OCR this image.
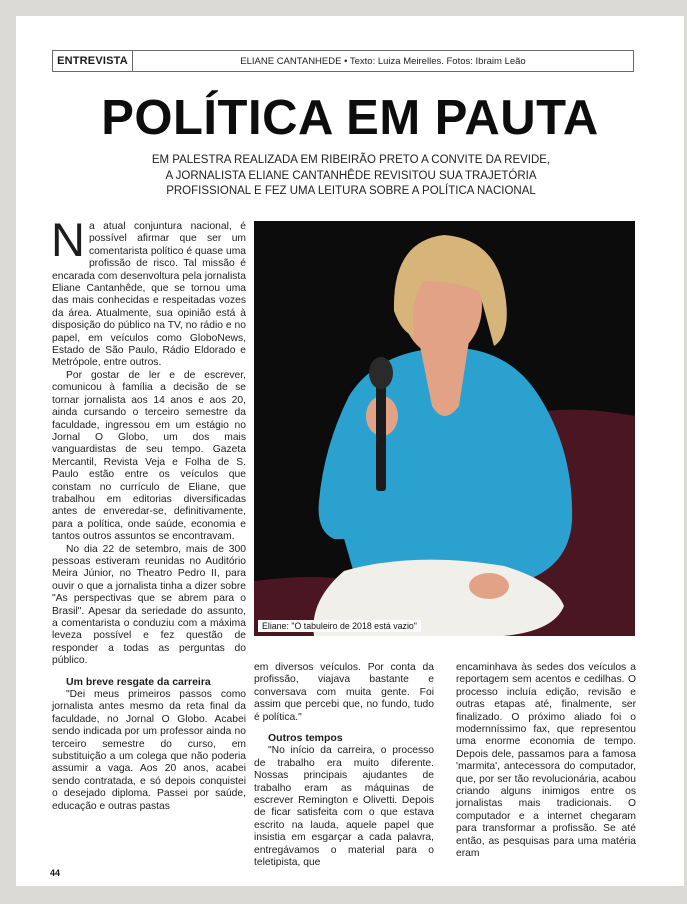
ENTREVISTA	ELIANE CANTANHEDE • Texto: Luiza Meirelles. Fotos: Ibraim Leão
POLÍTICA EM PAUTA
EM PALESTRA REALIZADA EM RIBEIRÃO PRETO A CONVITE DA REVIDE,
A JORNALISTA ELIANE CANTANHÊDE REVISITOU SUA TRAJETÓRIA
PROFISSIONAL E FEZ UMA LEITURA SOBRE A POLÍTICA NACIONAL

Na atual conjuntura nacional, é possível afirmar que ser um comentarista político é quase uma profissão de risco. Tal missão é encarada com desenvoltura pela jornalista Eliane Cantanhêde, que se tornou uma das mais conhecidas e respeitadas vozes da área. Atualmente, sua opinião está à disposição do público na TV, no rádio e no papel, em veículos como GloboNews, Estado de São Paulo, Rádio Eldorado e Metrópole, entre outros.

Por gostar de ler e de escrever, comunicou à família a decisão de se tornar jornalista aos 14 anos e aos 20, ainda cursando o terceiro semestre da faculdade, ingressou em um estágio no Jornal O Globo, um dos mais vanguardistas de seu tempo. Gazeta Mercantil, Revista Veja e Folha de S. Paulo estão entre os veículos que constam no currículo de Eliane, que trabalhou em editorias diversificadas antes de enveredar-se, definitivamente, para a política, onde saúde, economia e tantos outros assuntos se encontravam.

No dia 22 de setembro, mais de 300 pessoas estiveram reunidas no Auditório Meira Júnior, no Theatro Pedro II, para ouvir o que a jornalista tinha a dizer sobre "As perspectivas que se abrem para o Brasil". Apesar da seriedade do assunto, a comentarista o conduziu com a máxima leveza possível e fez questão de responder a todas as perguntas do público.

Um breve resgate da carreira

"Dei meus primeiros passos como jornalista antes mesmo da reta final da faculdade, no Jornal O Globo. Acabei sendo indicada por um professor ainda no terceiro semestre do curso, em substituição a um colega que não poderia assumir a vaga. Aos 20 anos, acabei sendo contratada, e só depois conquistei o desejado diploma. Passei por saúde, educação e outras pastas

Eliane: "O tabuleiro de 2018 está vazio"

em diversos veículos. Por conta da profissão, viajava bastante e conversava com muita gente. Foi assim que percebi que, no fundo, tudo é política."

Outros tempos

"No início da carreira, o processo de trabalho era muito diferente. Nossas principais ajudantes de trabalho eram as máquinas de escrever Remington e Olivetti. Depois de ficar satisfeita com o que estava escrito na lauda, aquele papel que insistia em esgarçar a cada palavra, entregávamos o material para o teletipista, que

encaminhava às sedes dos veículos a reportagem sem acentos e cedilhas. O processo incluía edição, revisão e outras etapas até, finalmente, ser finalizado. O próximo aliado foi o modernníssimo fax, que representou uma enorme economia de tempo. Depois dele, passamos para a famosa 'marmita', antecessora do computador, que, por ser tão revolucionária, acabou criando alguns inimigos entre os jornalistas mais tradicionais. O computador e a internet chegaram para transformar a profissão. Se até então, as pesquisas para uma matéria eram

44
